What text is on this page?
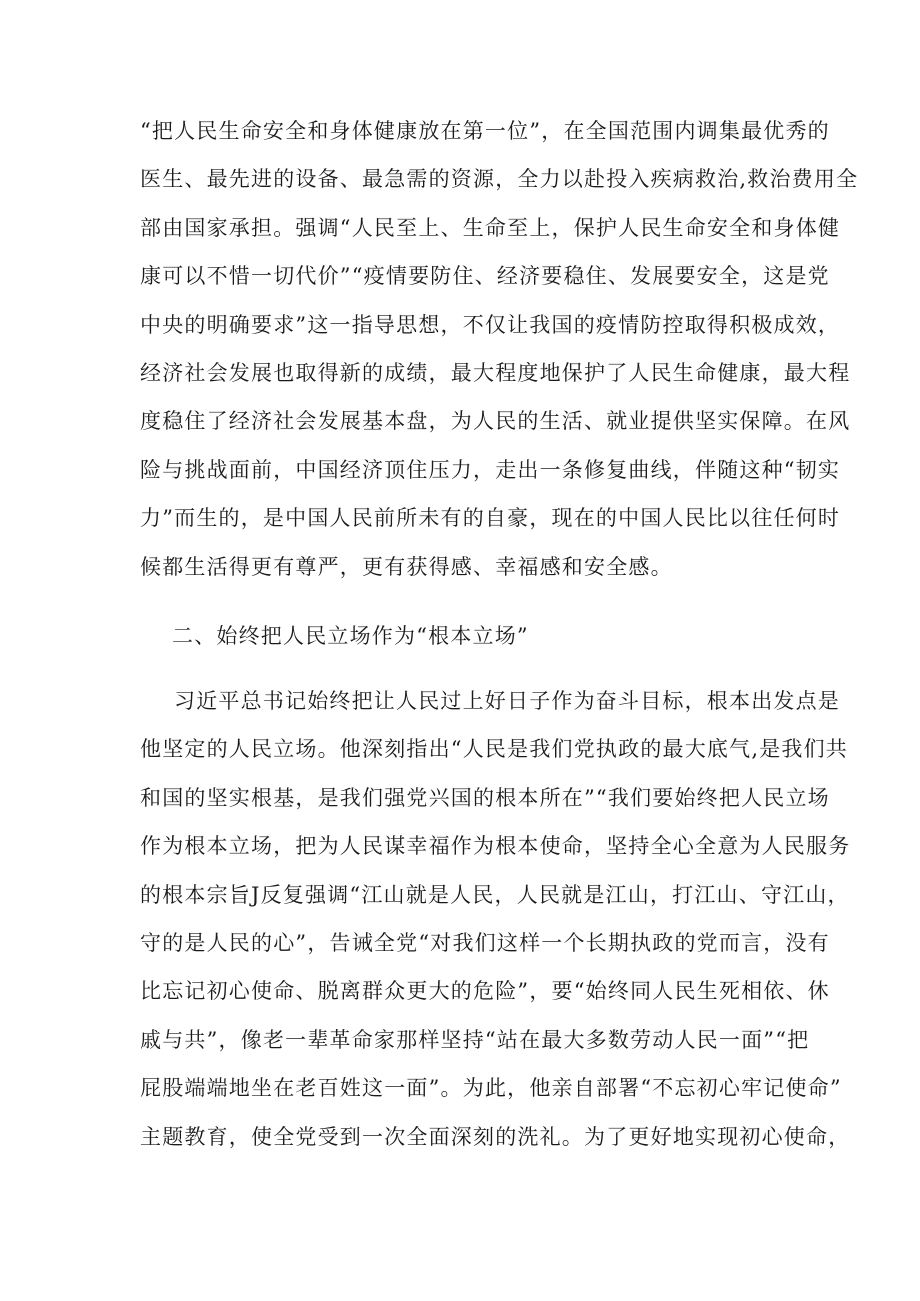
“把人民生命安全和身体健康放在第一位”，在全国范围内调集最优秀的
医生、最先进的设备、最急需的资源，全力以赴投入疾病救治,救治费用全
部由国家承担。强调“人民至上、生命至上，保护人民生命安全和身体健
康可以不惜一切代价”“疫情要防住、经济要稳住、发展要安全，这是党
中央的明确要求”这一指导思想，不仅让我国的疫情防控取得积极成效，
经济社会发展也取得新的成绩，最大程度地保护了人民生命健康，最大程
度稳住了经济社会发展基本盘，为人民的生活、就业提供坚实保障。在风
险与挑战面前，中国经济顶住压力，走出一条修复曲线，伴随这种“韧实
力”而生的，是中国人民前所未有的自豪，现在的中国人民比以往任何时
候都生活得更有尊严，更有获得感、幸福感和安全感。
二、始终把人民立场作为“根本立场”
习近平总书记始终把让人民过上好日子作为奋斗目标，根本出发点是
他坚定的人民立场。他深刻指出“人民是我们党执政的最大底气,是我们共
和国的坚实根基，是我们强党兴国的根本所在”“我们要始终把人民立场
作为根本立场，把为人民谋幸福作为根本使命，坚持全心全意为人民服务
的根本宗旨J反复强调“江山就是人民，人民就是江山，打江山、守江山，
守的是人民的心”，告诫全党“对我们这样一个长期执政的党而言，没有
比忘记初心使命、脱离群众更大的危险”，要“始终同人民生死相依、休
戚与共”，像老一辈革命家那样坚持“站在最大多数劳动人民一面”“把
屁股端端地坐在老百姓这一面”。为此，他亲自部署“不忘初心牢记使命”
主题教育，使全党受到一次全面深刻的洗礼。为了更好地实现初心使命，
